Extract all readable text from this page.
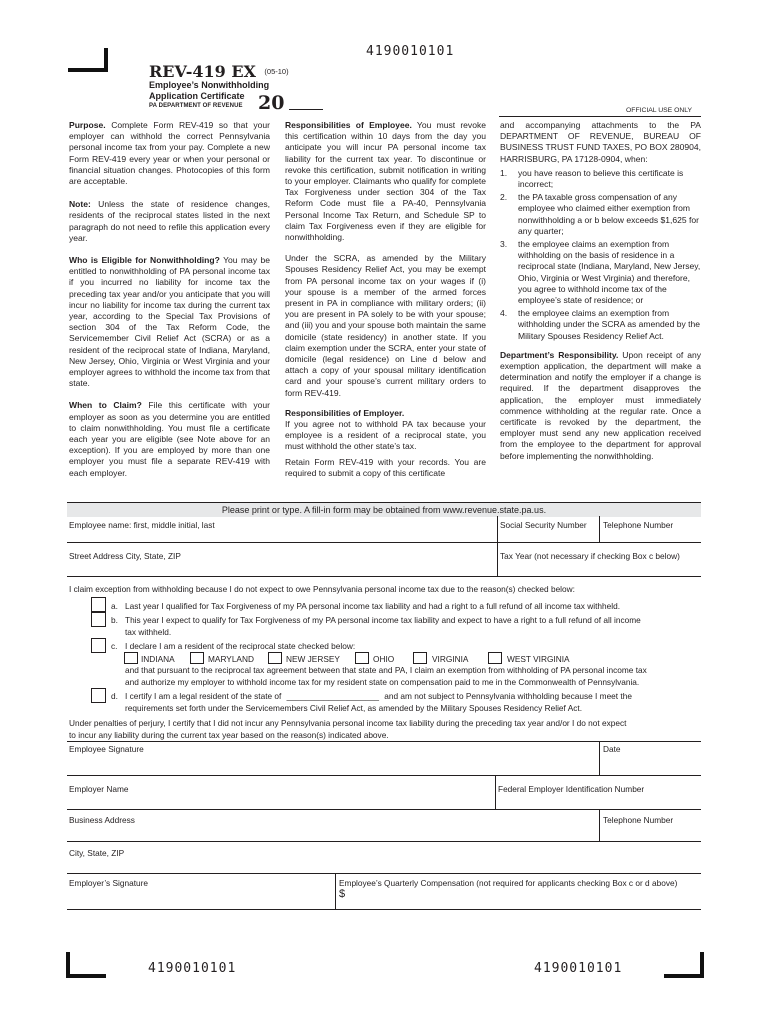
4190010101
REV-419 EX (05-10)
Employee’s Nonwithholding
Application Certificate
PA DEPARTMENT OF REVENUE 20	OFFICIAL USE ONLY

Purpose. Complete Form REV-419 so that your employer can withhold the correct Pennsylvania personal income tax from your pay. Complete a new Form REV-419 every year or when your personal or financial situation changes. Photocopies of this form are acceptable.

Note: Unless the state of residence changes, residents of the reciprocal states listed in the next paragraph do not need to refile this application every year.

Who is Eligible for Nonwithholding? You may be entitled to nonwithholding of PA personal income tax if you incurred no liability for income tax the preceding tax year and/or you anticipate that you will incur no liability for income tax during the current tax year, according to the Special Tax Provisions of section 304 of the Tax Reform Code, the Servicemember Civil Relief Act (SCRA) or as a resident of the reciprocal state of Indiana, Maryland, New Jersey, Ohio, Virginia or West Virginia and your employer agrees to withhold the income tax from that state.

When to Claim? File this certificate with your employer as soon as you determine you are entitled to claim nonwithholding. You must file a certificate each year you are eligible (see Note above for an exception). If you are employed by more than one employer you must file a separate REV-419 with each employer.

Responsibilities of Employee. You must revoke this certification within 10 days from the day you anticipate you will incur PA personal income tax liability for the current tax year. To discontinue or revoke this certification, submit notification in writing to your employer. Claimants who qualify for complete Tax Forgiveness under section 304 of the Tax Reform Code must file a PA-40, Pennsylvania Personal Income Tax Return, and Schedule SP to claim Tax Forgiveness even if they are eligible for nonwithholding.

Under the SCRA, as amended by the Military Spouses Residency Relief Act, you may be exempt from PA personal income tax on your wages if (i) your spouse is a member of the armed forces present in PA in compliance with military orders; (ii) you are present in PA solely to be with your spouse; and (iii) you and your spouse both maintain the same domicile (state residency) in another state. If you claim exemption under the SCRA, enter your state of domicile (legal residence) on Line d below and attach a copy of your spousal military identification card and your spouse’s current military orders to form REV-419.

Responsibilities of Employer.

If you agree not to withhold PA tax because your employee is a resident of a reciprocal state, you must withhold the other state’s tax.

Retain Form REV-419 with your records. You are required to submit a copy of this certificate

and accompanying attachments to the PA DEPARTMENT OF REVENUE, BUREAU OF BUSINESS TRUST FUND TAXES, PO BOX 280904, HARRISBURG, PA 17128-0904, when:

1. you have reason to believe this certificate is incorrect;
2. the PA taxable gross compensation of any employee who claimed either exemption from nonwithholding a or b below exceeds $1,625 for any quarter;
3. the employee claims an exemption from withholding on the basis of residence in a reciprocal state (Indiana, Maryland, New Jersey, Ohio, Virginia or West Virginia) and therefore, you agree to withhold income tax of the employee’s state of residence; or
4. the employee claims an exemption from withholding under the SCRA as amended by the Military Spouses Residency Relief Act.

Department’s Responsibility. Upon receipt of any exemption application, the department will make a determination and notify the employer if a change is required. If the department disapproves the application, the employer must immediately commence withholding at the regular rate. Once a certificate is revoked by the department, the employer must send any new application received from the employee to the department for approval before implementing the nonwithholding.

Please print or type. A fill-in form may be obtained from www.revenue.state.pa.us.
Employee name: first, middle initial, last	Social Security Number Telephone Number
Street Address City, State, ZIP	Tax Year (not necessary if checking Box c below)
I claim exception from withholding because I do not expect to owe Pennsylvania personal income tax due to the reason(s) checked below:
a. Last year I qualified for Tax Forgiveness of my PA personal income tax liability and had a right to a full refund of all income tax withheld.
b. This year I expect to qualify for Tax Forgiveness of my PA personal income tax liability and expect to have a right to a full refund of all income
tax withheld.
c. I declare I am a resident of the reciprocal state checked below:
INDIANA	MARYLAND	NEW JERSEY	OHIO	VIRGINIA	WEST VIRGINIA
and that pursuant to the reciprocal tax agreement between that state and PA, I claim an exemption from withholding of PA personal income tax
and authorize my employer to withhold income tax for my resident state on compensation paid to me in the Commonwealth of Pennsylvania.
d. I certify I am a legal resident of the state of ____________________ and am not subject to Pennsylvania withholding because I meet the
requirements set forth under the Servicemembers Civil Relief Act, as amended by the Military Spouses Residency Relief Act.
Under penalties of perjury, I certify that I did not incur any Pennsylvania personal income tax liability during the preceding tax year and/or I do not expect
to incur any liability during the current tax year based on the reason(s) indicated above.
Employee Signature	Date
Employer Name	Federal Employer Identification Number
Business Address	Telephone Number
City, State, ZIP
Employer’s Signature	Employee’s Quarterly Compensation (not required for applicants checking Box c or d above)
$
4190010101	4190010101
